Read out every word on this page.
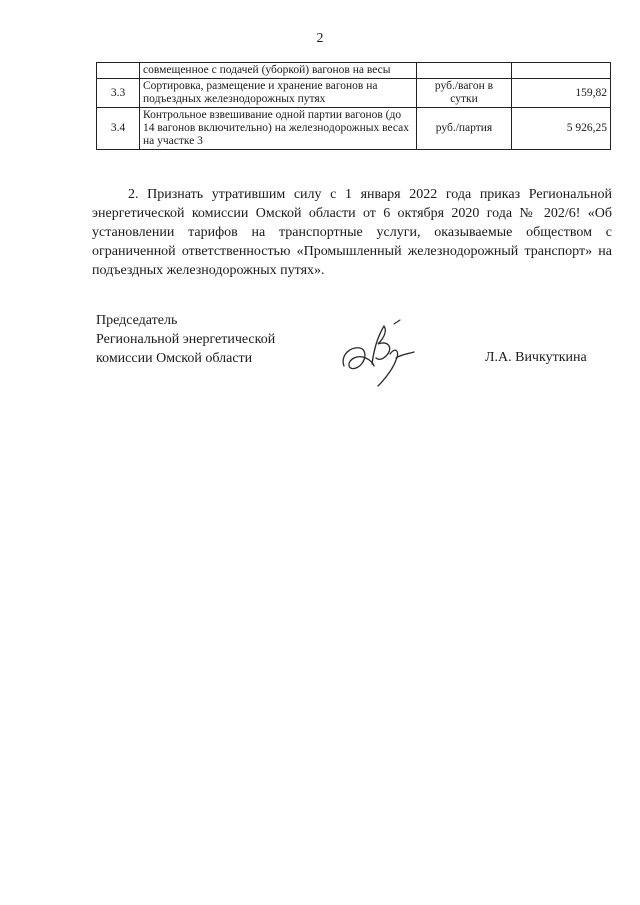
2
	совмещенное с подачей (уборкой) вагонов на весы		
3.3	Сортировка, размещение и хранение вагонов на подъездных железнодорожных путях	руб./вагон в сутки	159,82
3.4	Контрольное взвешивание одной партии вагонов (до 14 вагонов включительно) на железнодорожных весах на участке 3	руб./партия	5 926,25

2. Признать утратившим силу с 1 января 2022 года приказ Региональной энергетической комиссии Омской области от 6 октября 2020 года № 202/6! «Об установлении тарифов на транспортные услуги, оказываемые обществом с ограниченной ответственностью «Промышленный железнодорожный транспорт» на подъездных железнодорожных путях».

Председатель
Региональной энергетической
комиссии Омской области	Л.А. Вичкуткина
